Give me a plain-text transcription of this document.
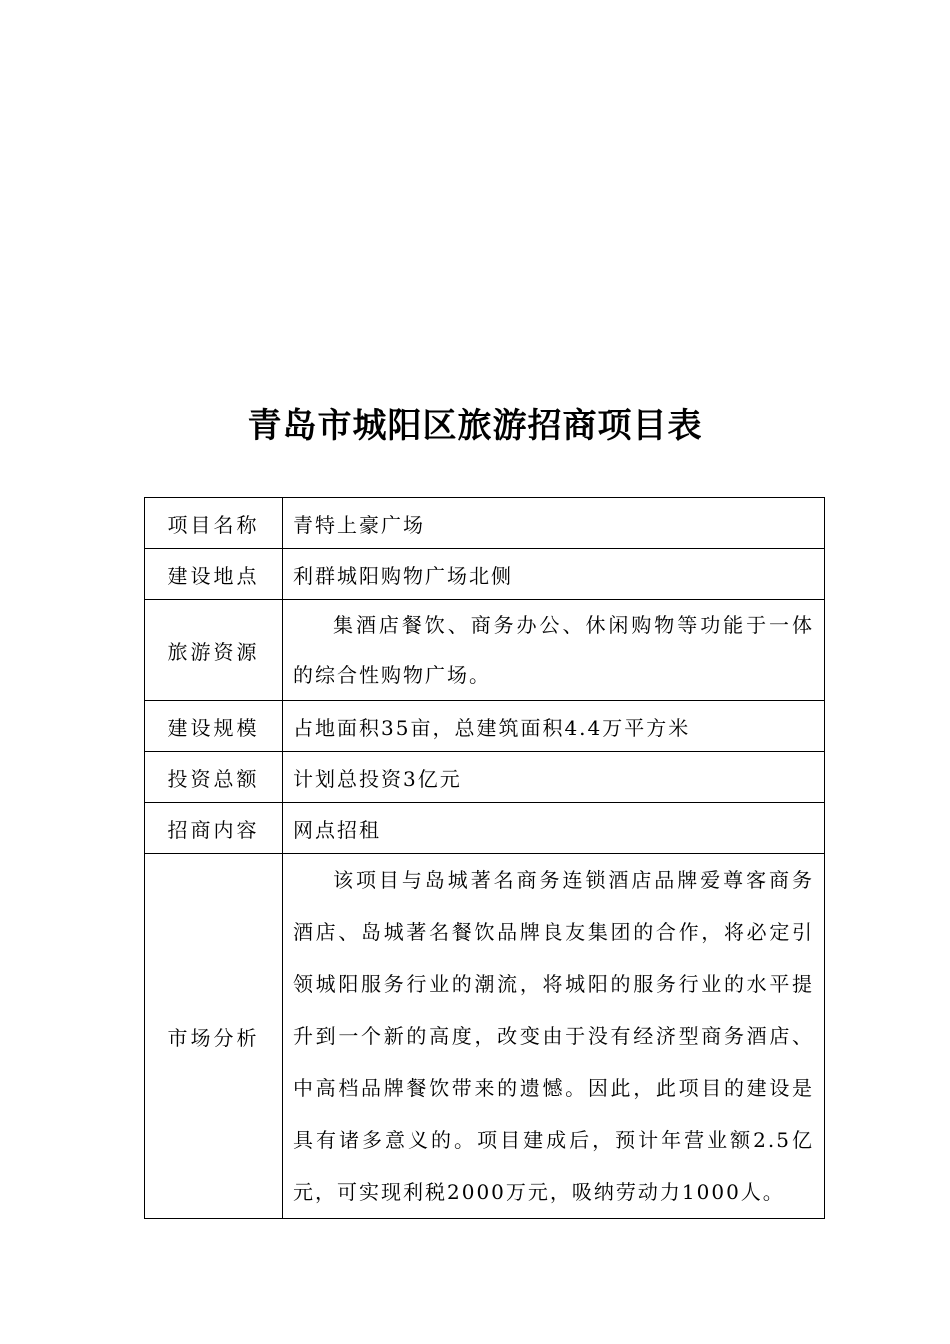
青岛市城阳区旅游招商项目表
项目名称	青特上豪广场
建设地点	利群城阳购物广场北侧
旅游资源	集酒店餐饮、商务办公、休闲购物等功能于一体的综合性购物广场。

建设规模	占地面积35亩，总建筑面积4.4万平方米
投资总额	计划总投资3亿元
招商内容	网点招租
市场分析	该项目与岛城著名商务连锁酒店品牌爱尊客商务酒店、岛城著名餐饮品牌良友集团的合作，将必定引领城阳服务行业的潮流，将城阳的服务行业的水平提升到一个新的高度，改变由于没有经济型商务酒店、中高档品牌餐饮带来的遗憾。因此，此项目的建设是具有诸多意义的。项目建成后，预计年营业额2.5亿元，可实现利税2000万元，吸纳劳动力1000人。
